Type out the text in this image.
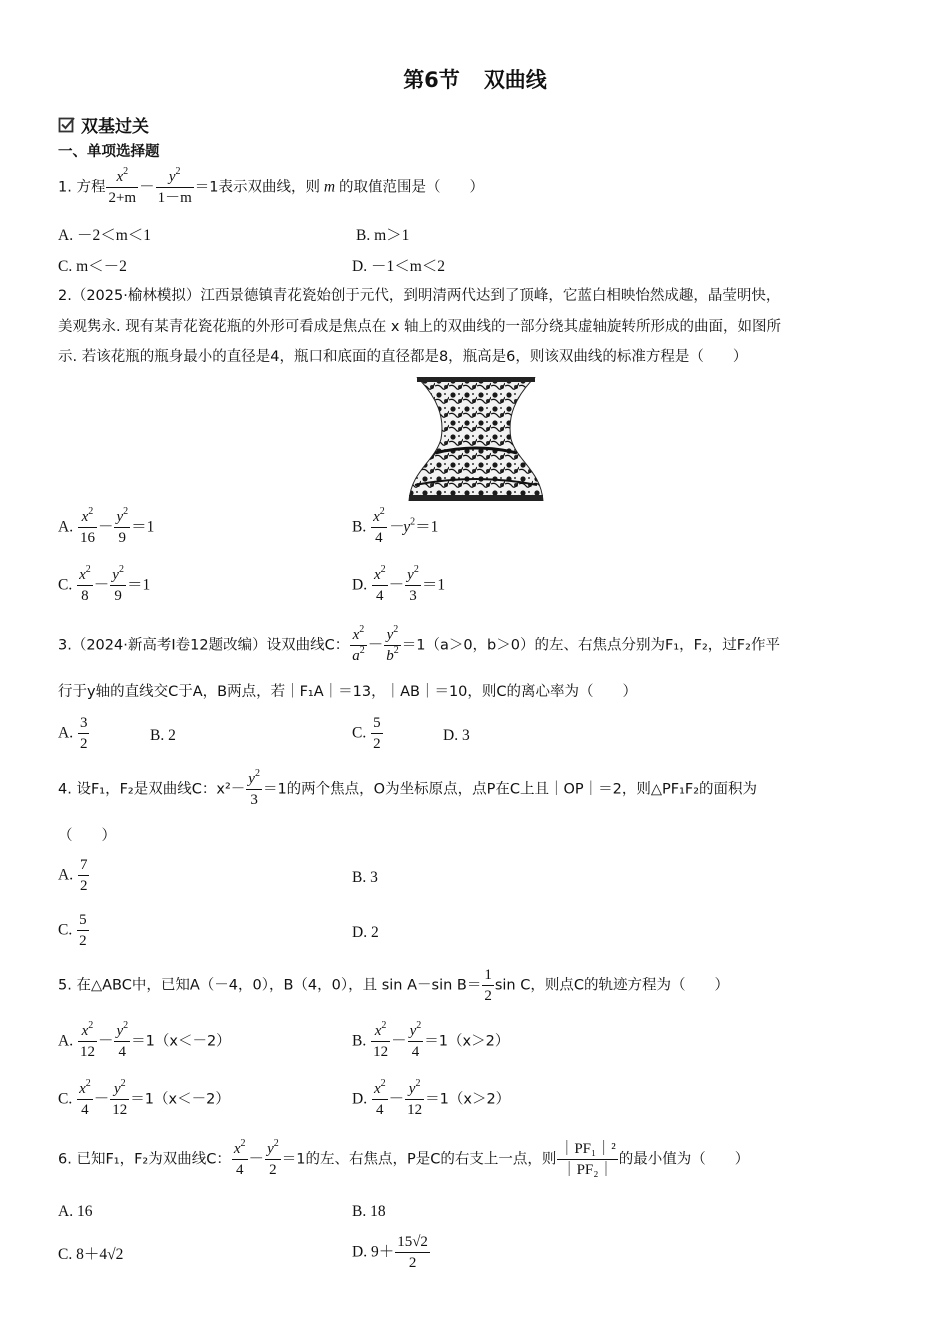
第6节 双曲线
双基过关
一、单项选择题
1. 方程 $\frac{x^2}{2+m} - \frac{y^2}{1-m} =1$表示双曲线，则 m 的取值范围是（　　）
A. －2＜m＜1	B. m＞1
C. m＜－2	D. －1＜m＜2
2.（2025·榆林模拟）江西景德镇青花瓷始创于元代，到明清两代达到了顶峰，它蓝白相映怡然成趣，晶莹明快，
美观隽永. 现有某青花瓷花瓶的外形可看成是焦点在 x 轴上的双曲线的一部分绕其虚轴旋转所形成的曲面，如图所
示. 若该花瓶的瓶身最小的直径是4，瓶口和底面的直径都是8，瓶高是6，则该双曲线的标准方程是（　　）
A. $\frac{x^2}{16} - \frac{y^2}{9} =1$	B. $\frac{x^2}{4} -y^2=1$
C. $\frac{x^2}{8} - \frac{y^2}{9} =1$	D. $\frac{x^2}{4} - \frac{y^2}{3} =1$
3.（2024·新高考Ⅰ卷12题改编）设双曲线C： $\frac{x^2}{a^2} - \frac{y^2}{b^2} =1(a>0$，b＞0）的左、右焦点分别为F₁，F₂，过F₂作平
行于y轴的直线交C于A，B两点，若｜F₁A｜＝13，｜AB｜＝10，则C的离心率为（　　）
A. $\frac{3}{2}$	B. 2	C. $\frac{5}{2}$	D. 3
4. 设F₁，F₂是双曲线C：$x^2- \frac{y^2}{3} =1$的两个焦点，O为坐标原点，点P在C上且｜OP｜＝2，则△PF₁F₂的面积为
（　　）
A. $\frac{7}{2}$	B. 3
C. $\frac{5}{2}$	D. 2
5. 在△ABC中，已知A（－4，0），B（4，0），且 sin A－sin $B= \frac{1}{2}$ sin C，则点C的轨迹方程为（　　）
A. $\frac{x^2}{12} - \frac{y^2}{4} =1(x<-2)$	B. $\frac{x^2}{12} - \frac{y^2}{4} =1(x>2)$
C. $\frac{x^2}{4} - \frac{y^2}{12} =1(x<-2)$	D. $\frac{x^2}{4} - \frac{y^2}{12} =1(x>2)$
6. 已知F₁，F₂为双曲线C： $\frac{x^2}{4} - \frac{y^2}{2} =1$的左、右焦点，P是C的右支上一点，则 $\frac{\text{｜PF₁｜²}}{\text{｜PF₂｜}}$ 的最小值为（　　）
A. 16	B. 18
C. 8＋4√2	D. $9+ \frac{15√2}{2}$
